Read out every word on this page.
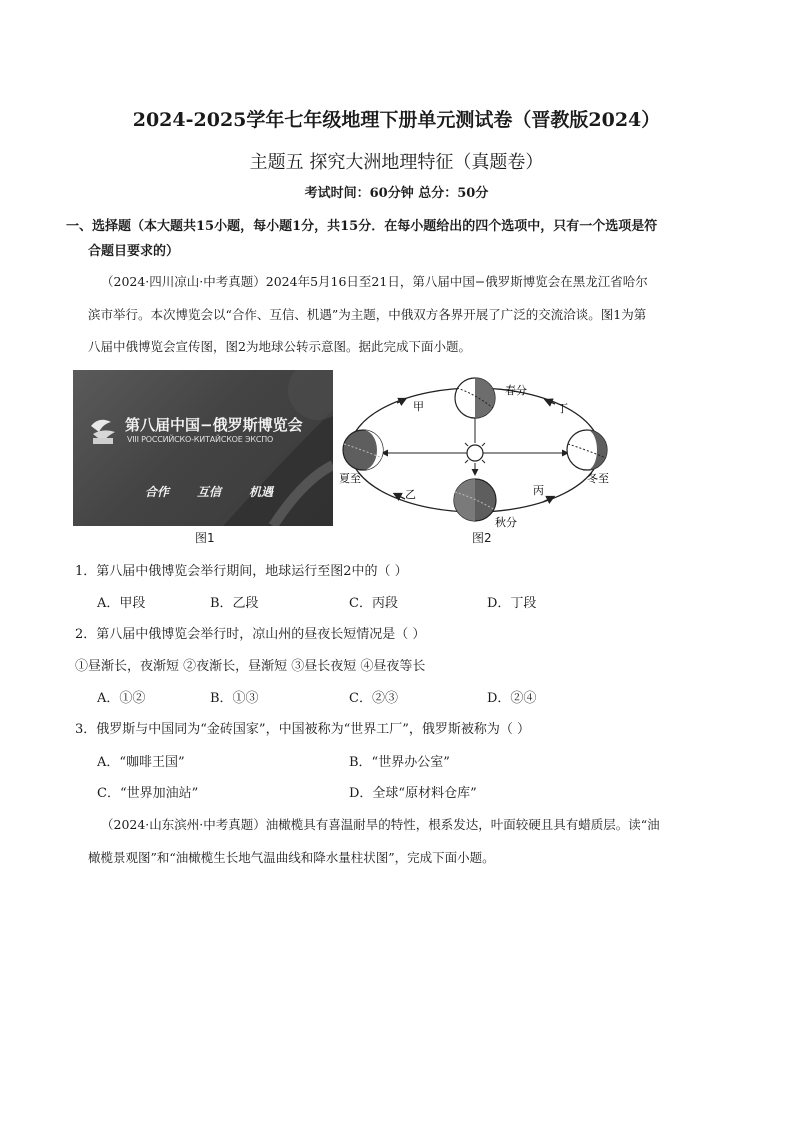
2024-2025学年七年级地理下册单元测试卷（晋教版2024）
主题五 探究大洲地理特征（真题卷）
考试时间：60分钟 总分：50分
一、选择题（本大题共15小题，每小题1分，共15分．在每小题给出的四个选项中，只有一个选项是符
合题目要求的）
（2024·四川凉山·中考真题）2024年5月16日至21日，第八届中国−俄罗斯博览会在黑龙江省哈尔
滨市举行。本次博览会以“合作、互信、机遇”为主题，中俄双方各界开展了广泛的交流洽谈。图1为第
八届中俄博览会宣传图，图2为地球公转示意图。据此完成下面小题。
第八届中国−俄罗斯博览会
VIII РОССИЙСКО-КИТАЙСКОЕ ЭКСПО
合作 互信 机遇
图1
春分
夏至
秋分
冬至
甲
乙	丙
丁
图2
1．第八届中俄博览会举行期间，地球运行至图2中的（ ）
A．甲段	B．乙段	C．丙段	D．丁段
2．第八届中俄博览会举行时，凉山州的昼夜长短情况是（ ）
①昼渐长，夜渐短 ②夜渐长，昼渐短 ③昼长夜短 ④昼夜等长
A．①②	B．①③	C．②③	D．②④
3．俄罗斯与中国同为“金砖国家”，中国被称为“世界工厂”，俄罗斯被称为（ ）
A．“咖啡王国”	B．“世界办公室”
C．“世界加油站”	D．全球“原材料仓库”
（2024·山东滨州·中考真题）油橄榄具有喜温耐旱的特性，根系发达，叶面较硬且具有蜡质层。读“油
橄榄景观图”和“油橄榄生长地气温曲线和降水量柱状图”，完成下面小题。
